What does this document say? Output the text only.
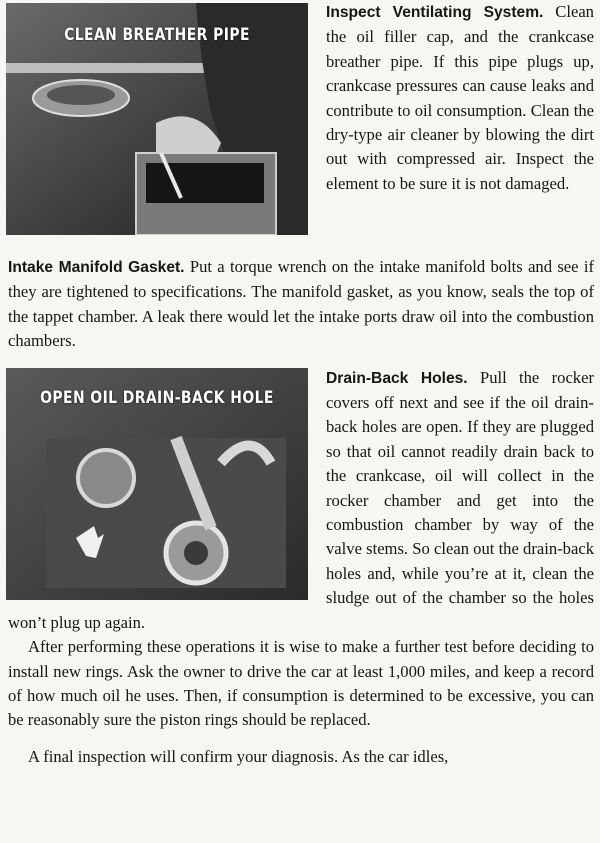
CLEAN BREATHER PIPE

Inspect Ventilating System. Clean the oil filler cap, and the crankcase breather pipe. If this pipe plugs up, crankcase pressures can cause leaks and contribute to oil consumption. Clean the dry-type air cleaner by blowing the dirt out with compressed air. Inspect the element to be sure it is not damaged.

Intake Manifold Gasket. Put a torque wrench on the intake manifold bolts and see if they are tightened to specifications. The manifold gasket, as you know, seals the top of the tappet chamber. A leak there would let the intake ports draw oil into the combustion chambers.

OPEN OIL DRAIN-BACK HOLE

Drain-Back Holes. Pull the rocker covers off next and see if the oil drain-back holes are open. If they are plugged so that oil cannot readily drain back to the crankcase, oil will collect in the rocker chamber and get into the combustion chamber by way of the valve stems. So clean out the drain-back holes and, while you’re at it, clean the sludge out of the chamber so the holes won’t plug up again.

After performing these operations it is wise to make a further test before deciding to install new rings. Ask the owner to drive the car at least 1,000 miles, and keep a record of how much oil he uses. Then, if consumption is determined to be excessive, you can be reasonably sure the piston rings should be replaced.

A final inspection will confirm your diagnosis. As the car idles,
